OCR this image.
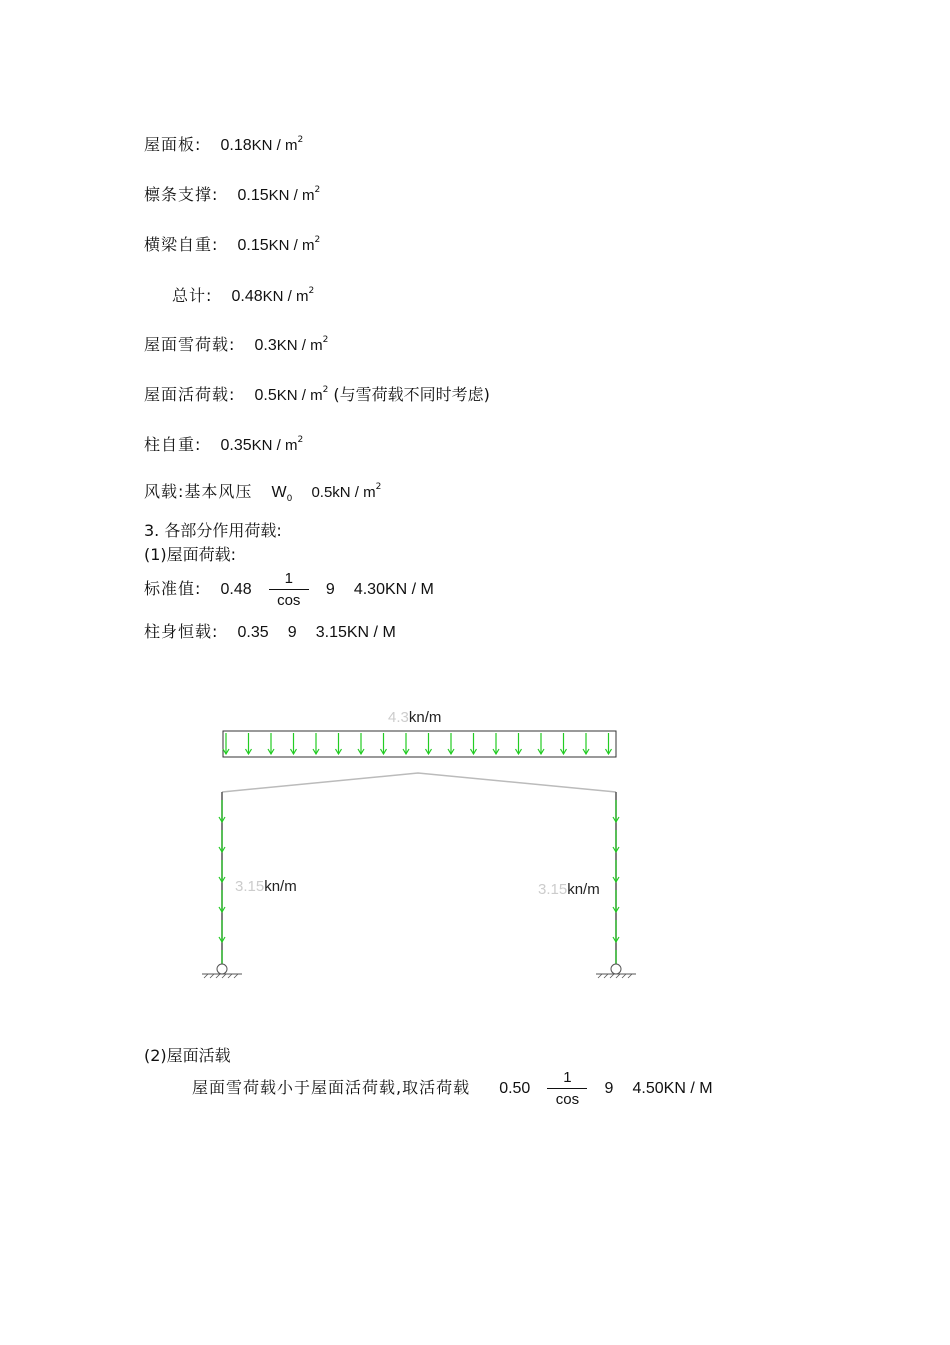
屋面板: $0.18KN / m^2$
檩条支撑: $0.15KN / m^2$
横梁自重: $0.15KN / m^2$
总计: $0.48KN / m^2$
屋面雪荷载: $0.3KN / m^2$
屋面活荷载: $0.5KN / m^2$ (与雪荷载不同时考虑)
柱自重: $0.35KN / m^2$
风载:基本风压 $W_0$ $0.5kN / m^2$
3. 各部分作用荷载:
(1)屋面荷载:
标准值: $0.48 \frac{1}{\cos} 9$ 4.30KN / M
柱身恒载: 0.35 9 3.15KN / M
4.3kn/m
3.15kn/m	3.15kn/m
(2)屋面活载
屋面雪荷载小于屋面活荷载,取活荷载 $0.50 \frac{1}{\cos} 9$ 4.50KN / M
